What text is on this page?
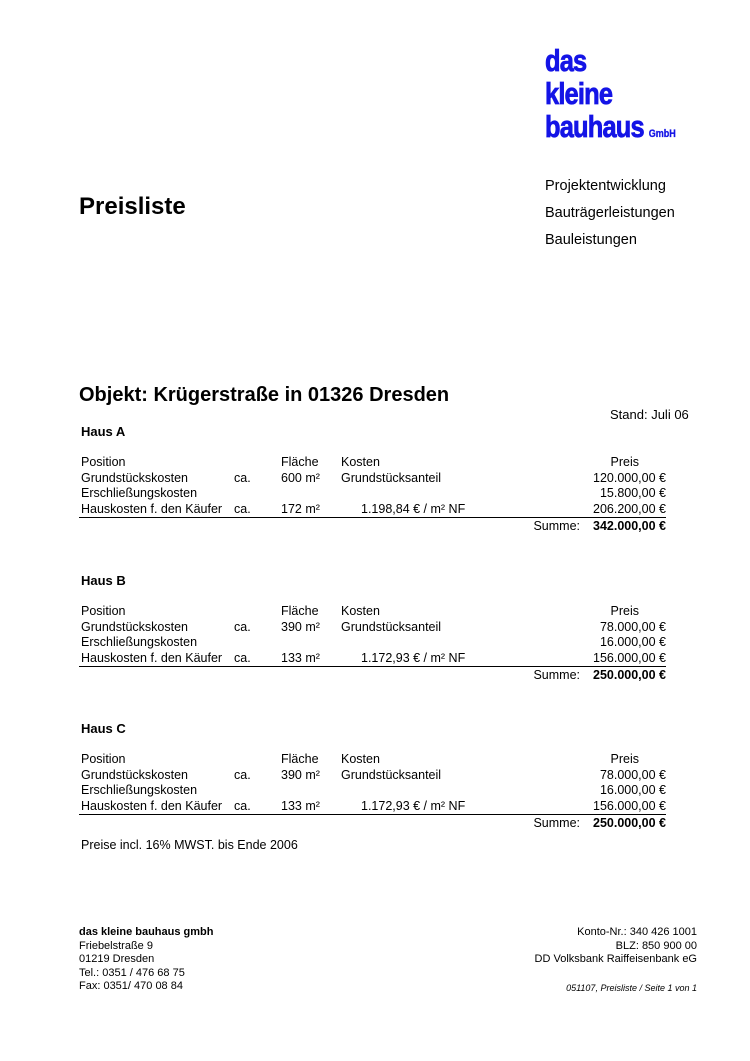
das
kleine
bauhaus GmbH
Projektentwicklung
Bauträgerleistungen
Bauleistungen
Preisliste
Objekt: Krügerstraße in 01326 Dresden
Stand: Juli 06
Haus A
Position	Fläche Kosten	Preis
Grundstückskosten	ca. 600 m² Grundstücksanteil	120.000,00 €
Erschließungskosten	15.800,00 €
Hauskosten f. den Käufer ca. 172 m²	1.198,84 € / m² NF	206.200,00 €
Summe: 342.000,00 €
Haus B
Position	Fläche Kosten	Preis
Grundstückskosten	ca. 390 m² Grundstücksanteil	78.000,00 €
Erschließungskosten	16.000,00 €
Hauskosten f. den Käufer ca. 133 m²	1.172,93 € / m² NF	156.000,00 €
Summe: 250.000,00 €
Haus C
Position	Fläche Kosten	Preis
Grundstückskosten	ca. 390 m² Grundstücksanteil	78.000,00 €
Erschließungskosten	16.000,00 €
Hauskosten f. den Käufer ca. 133 m²	1.172,93 € / m² NF	156.000,00 €
Summe: 250.000,00 €
Preise incl. 16% MWST. bis Ende 2006
das kleine bauhaus gmbh
Friebelstraße 9
01219 Dresden
Tel.: 0351 / 476 68 75
Fax: 0351/ 470 08 84
Konto-Nr.: 340 426 1001
BLZ: 850 900 00
DD Volksbank Raiffeisenbank eG
051107, Preisliste / Seite 1 von 1
